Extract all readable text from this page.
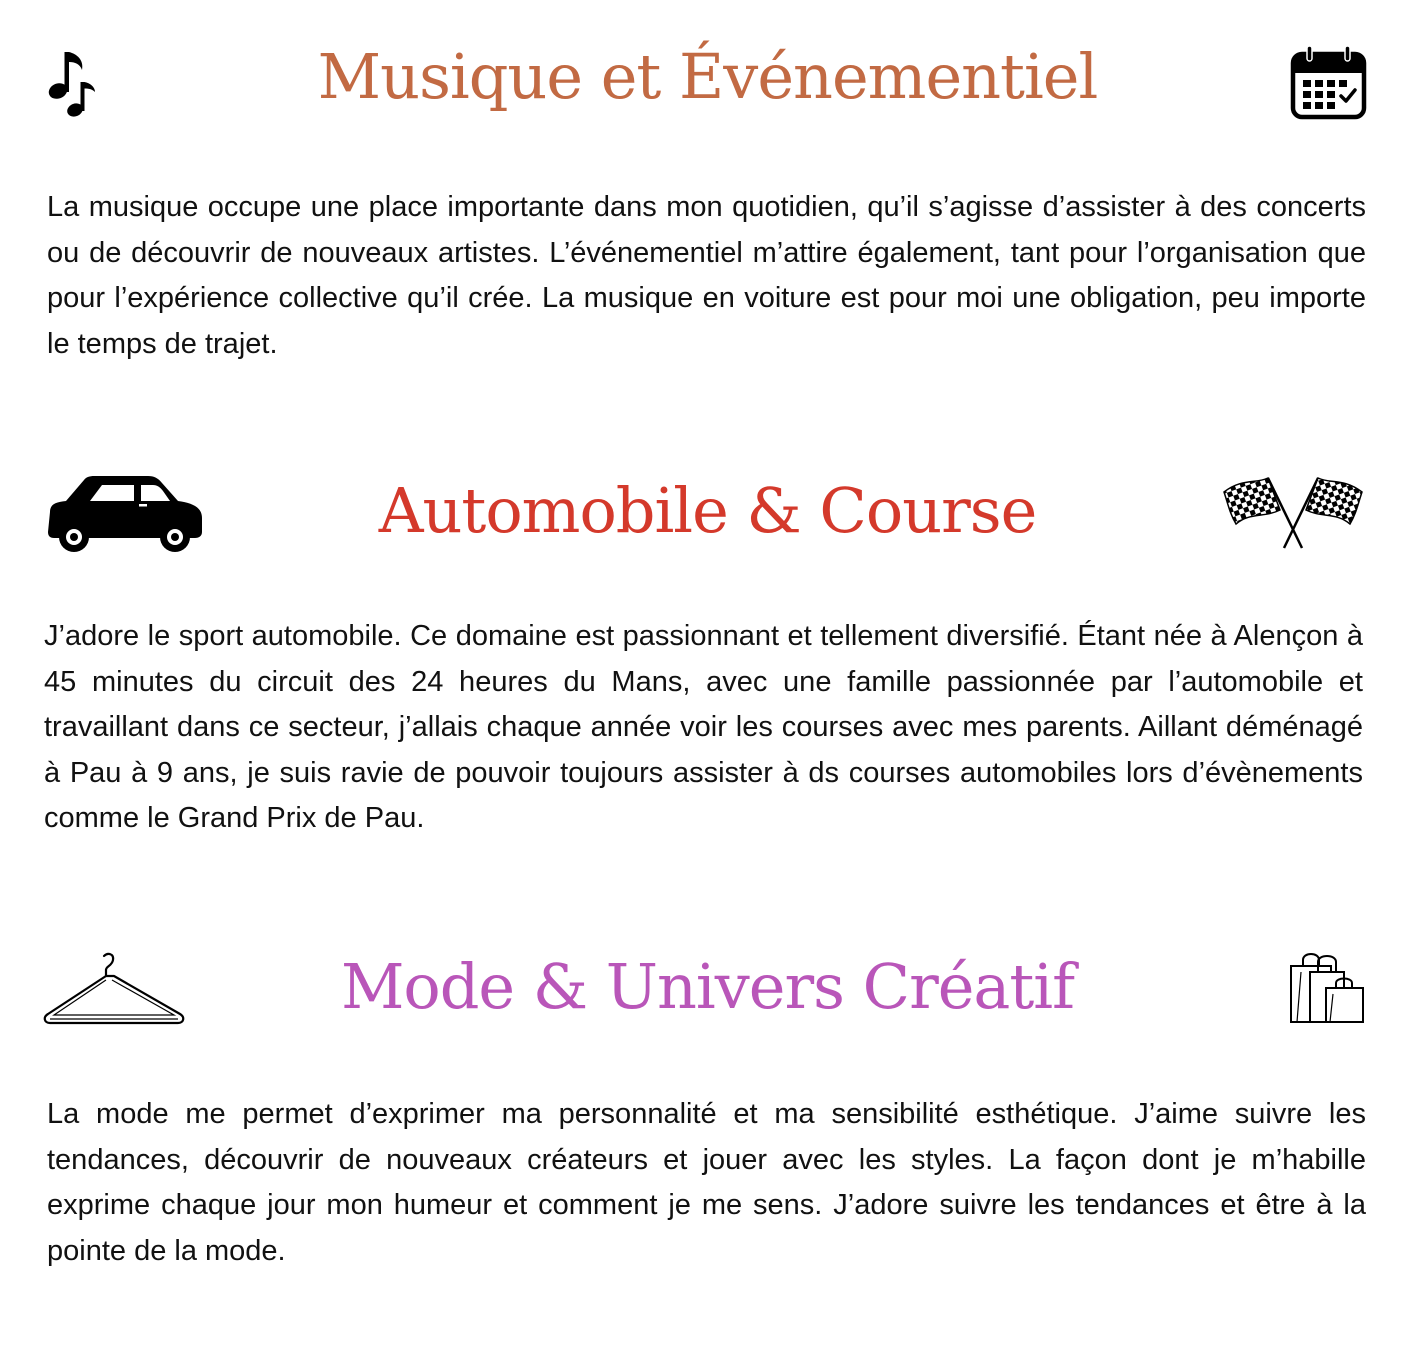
Musique et Événementiel

La musique occupe une place importante dans mon quotidien, qu’il s’agisse d’assister à des concerts ou de découvrir de nouveaux artistes. L’événementiel m’attire également, tant pour l’organisation que pour l’expérience collective qu’il crée. La musique en voiture est pour moi une obligation, peu importe le temps de trajet.

Automobile & Course

J’adore le sport automobile. Ce domaine est passionnant et tellement diversifié. Étant née à Alençon à 45 minutes du circuit des 24 heures du Mans, avec une famille passionnée par l’automobile et travaillant dans ce secteur, j’allais chaque année voir les courses avec mes parents. Aillant déménagé à Pau à 9 ans, je suis ravie de pouvoir toujours assister à ds courses automobiles lors d’évènements comme le Grand Prix de Pau.

Mode & Univers Créatif

La mode me permet d’exprimer ma personnalité et ma sensibilité esthétique. J’aime suivre les tendances, découvrir de nouveaux créateurs et jouer avec les styles. La façon dont je m’habille exprime chaque jour mon humeur et comment je me sens. J’adore suivre les tendances et être à la pointe de la mode.
